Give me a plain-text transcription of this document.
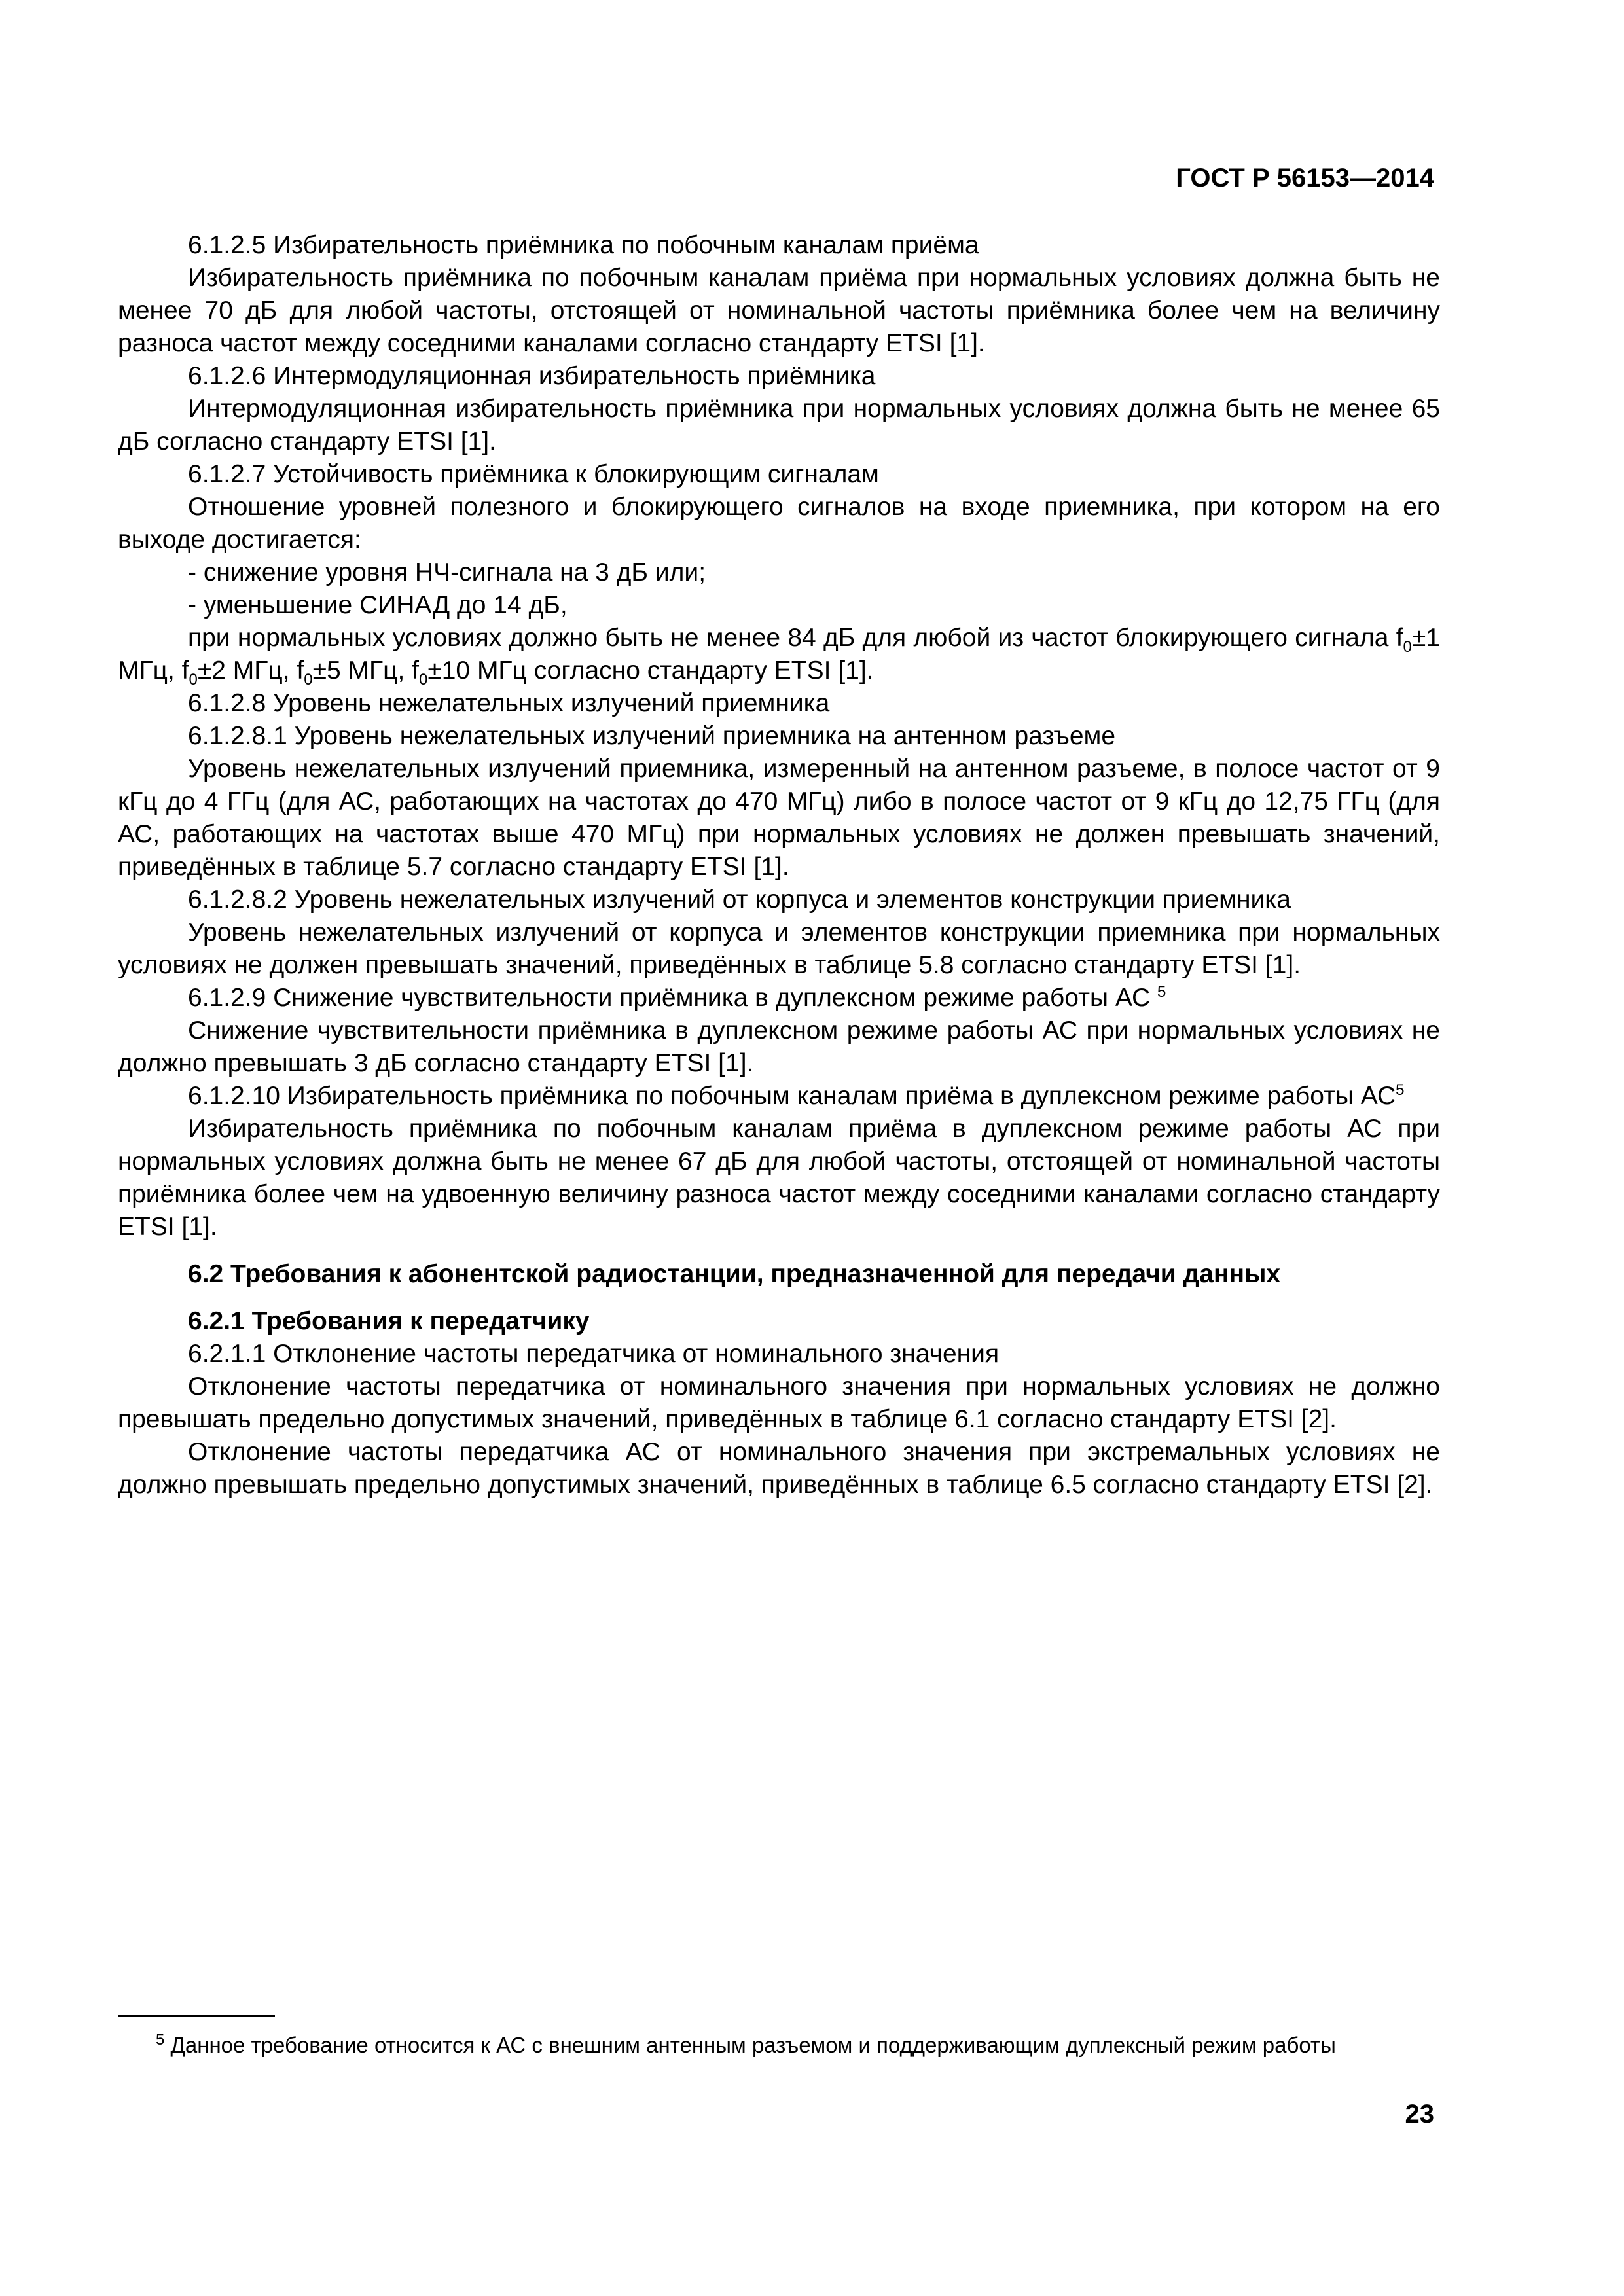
ГОСТ Р 56153—2014

6.1.2.5 Избирательность приёмника по побочным каналам приёма

Избирательность приёмника по побочным каналам приёма при нормальных условиях должна быть не менее 70 дБ для любой частоты, отстоящей от номинальной частоты приёмника более чем на величину разноса частот между соседними каналами согласно стандарту ETSI [1].

6.1.2.6 Интермодуляционная избирательность приёмника

Интермодуляционная избирательность приёмника при нормальных условиях должна быть не менее 65 дБ согласно стандарту ETSI [1].

6.1.2.7 Устойчивость приёмника к блокирующим сигналам

Отношение уровней полезного и блокирующего сигналов на входе приемника, при котором на его выходе достигается:

- снижение уровня НЧ-сигнала на 3 дБ или;

- уменьшение СИНАД до 14 дБ,

при нормальных условиях должно быть не менее 84 дБ для любой из частот блокирующего сигнала $f_0\pm 1$ МГц, $f_0\pm 2$ МГц, $f_0\pm 5$ МГц, $f_0\pm 10$ МГц согласно стандарту ETSI [1].

6.1.2.8 Уровень нежелательных излучений приемника

6.1.2.8.1 Уровень нежелательных излучений приемника на антенном разъеме

Уровень нежелательных излучений приемника, измеренный на антенном разъеме, в полосе частот от 9 кГц до 4 ГГц (для АС, работающих на частотах до 470 МГц) либо в полосе частот от 9 кГц до 12,75 ГГц (для АС, работающих на частотах выше 470 МГц) при нормальных условиях не должен превышать значений, приведённых в таблице 5.7 согласно стандарту ETSI [1].

6.1.2.8.2 Уровень нежелательных излучений от корпуса и элементов конструкции приемника

Уровень нежелательных излучений от корпуса и элементов конструкции приемника при нормальных условиях не должен превышать значений, приведённых в таблице 5.8 согласно стандарту ETSI [1].

6.1.2.9 Снижение чувствительности приёмника в дуплексном режиме работы АС $^5$

Снижение чувствительности приёмника в дуплексном режиме работы АС при нормальных условиях не должно превышать 3 дБ согласно стандарту ETSI [1].

6.1.2.10 Избирательность приёмника по побочным каналам приёма в дуплексном режиме работы $АС^5$

Избирательность приёмника по побочным каналам приёма в дуплексном режиме работы АС при нормальных условиях должна быть не менее 67 дБ для любой частоты, отстоящей от номинальной частоты приёмника более чем на удвоенную величину разноса частот между соседними каналами согласно стандарту ETSI [1].

6.2 Требования к абонентской радиостанции, предназначенной для передачи данных

6.2.1 Требования к передатчику

6.2.1.1 Отклонение частоты передатчика от номинального значения

Отклонение частоты передатчика от номинального значения при нормальных условиях не должно превышать предельно допустимых значений, приведённых в таблице 6.1 согласно стандарту ETSI [2].

Отклонение частоты передатчика АС от номинального значения при экстремальных условиях не должно превышать предельно допустимых значений, приведённых в таблице 6.5 согласно стандарту ETSI [2].

$^5$ Данное требование относится к АС с внешним антенным разъемом и поддерживающим дуплексный режим работы
23
